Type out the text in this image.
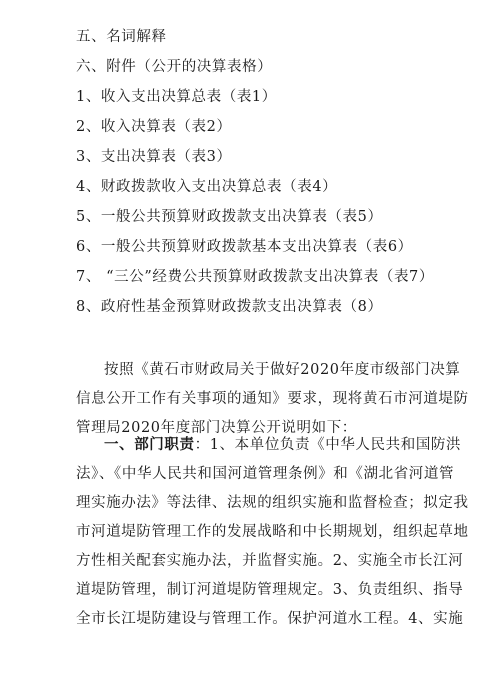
五、名词解释
六、附件（公开的决算表格）
1、收入支出决算总表（表1）
2、收入决算表（表2）
3、支出决算表（表3）
4、财政拨款收入支出决算总表（表4）
5、一般公共预算财政拨款支出决算表（表5）
6、一般公共预算财政拨款基本支出决算表（表6）
7、 “三公”经费公共预算财政拨款支出决算表（表7）
8、政府性基金预算财政拨款支出决算表（8）
按照《黄石市财政局关于做好2020年度市级部门决算
信息公开工作有关事项的通知》要求，现将黄石市河道堤防
管理局2020年度部门决算公开说明如下：
一、部门职责：1、本单位负责《中华人民共和国防洪
法》、《中华人民共和国河道管理条例》和《湖北省河道管
理实施办法》等法律、法规的组织实施和监督检查；拟定我
市河道堤防管理工作的发展战略和中长期规划，组织起草地
方性相关配套实施办法，并监督实施。2、实施全市长江河
道堤防管理，制订河道堤防管理规定。3、负责组织、指导
全市长江堤防建设与管理工作。保护河道水工程。4、实施
